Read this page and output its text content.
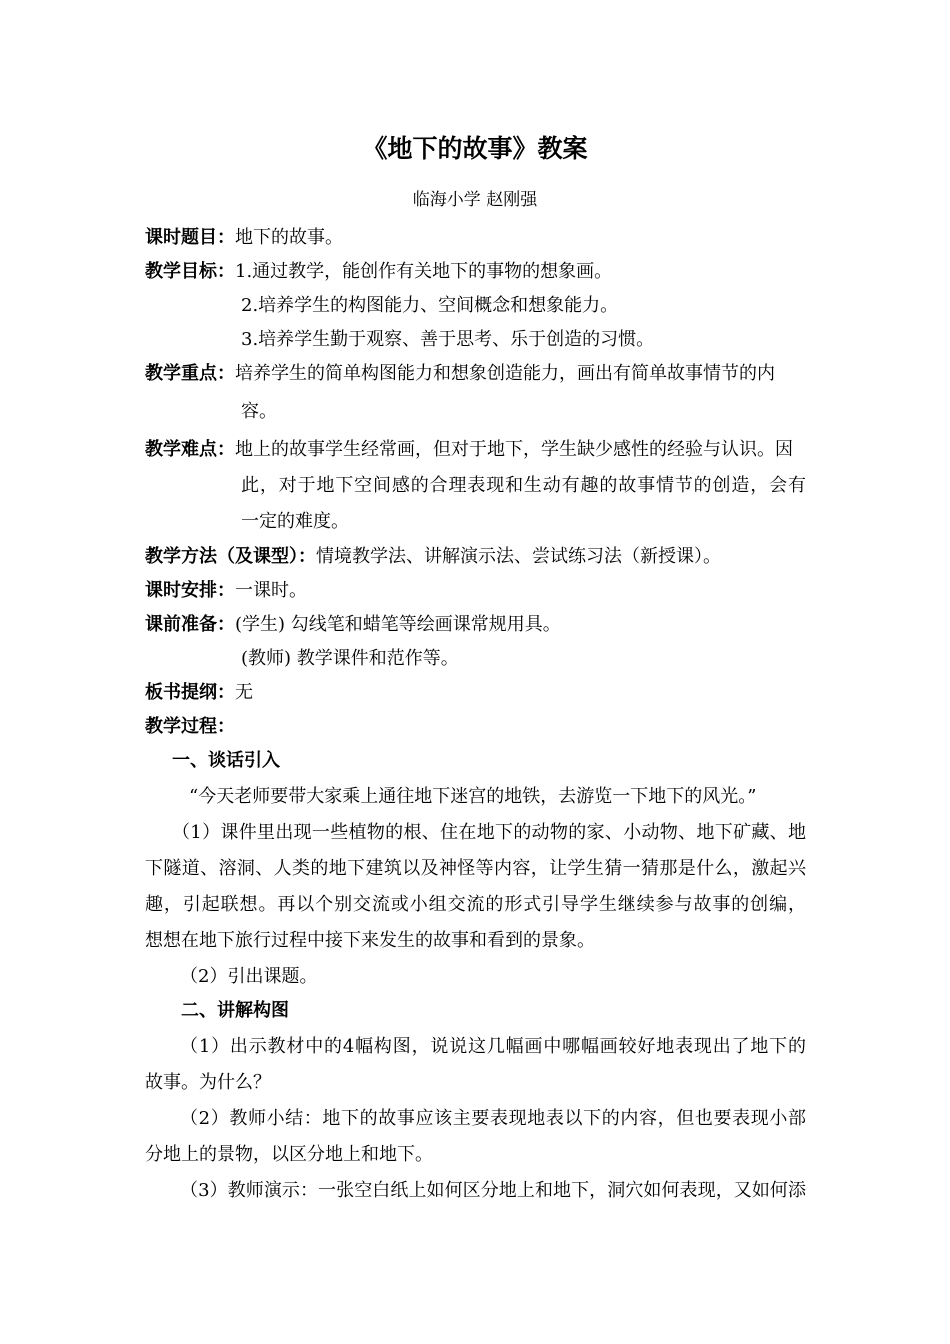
《地下的故事》教案
临海小学 赵刚强
课时题目：地下的故事。
教学目标：1.通过教学，能创作有关地下的事物的想象画。
2.培养学生的构图能力、空间概念和想象能力。
3.培养学生勤于观察、善于思考、乐于创造的习惯。
教学重点：培养学生的简单构图能力和想象创造能力，画出有简单故事情节的内
容。
教学难点：地上的故事学生经常画，但对于地下，学生缺少感性的经验与认识。因
此，对于地下空间感的合理表现和生动有趣的故事情节的创造，会有
一定的难度。
教学方法（及课型）：情境教学法、讲解演示法、尝试练习法（新授课）。
课时安排：一课时。
课前准备：(学生) 勾线笔和蜡笔等绘画课常规用具。
(教师) 教学课件和范作等。
板书提纲：无
教学过程：
一、谈话引入
“今天老师要带大家乘上通往地下迷宫的地铁，去游览一下地下的风光。”
（1）课件里出现一些植物的根、住在地下的动物的家、小动物、地下矿藏、地
下隧道、溶洞、人类的地下建筑以及神怪等内容，让学生猜一猜那是什么，激起兴
趣，引起联想。再以个别交流或小组交流的形式引导学生继续参与故事的创编，
想想在地下旅行过程中接下来发生的故事和看到的景象。
（2）引出课题。
二、讲解构图
（1）出示教材中的4幅构图，说说这几幅画中哪幅画较好地表现出了地下的
故事。为什么？
（2）教师小结：地下的故事应该主要表现地表以下的内容，但也要表现小部
分地上的景物，以区分地上和地下。
（3）教师演示：一张空白纸上如何区分地上和地下，洞穴如何表现，又如何添
